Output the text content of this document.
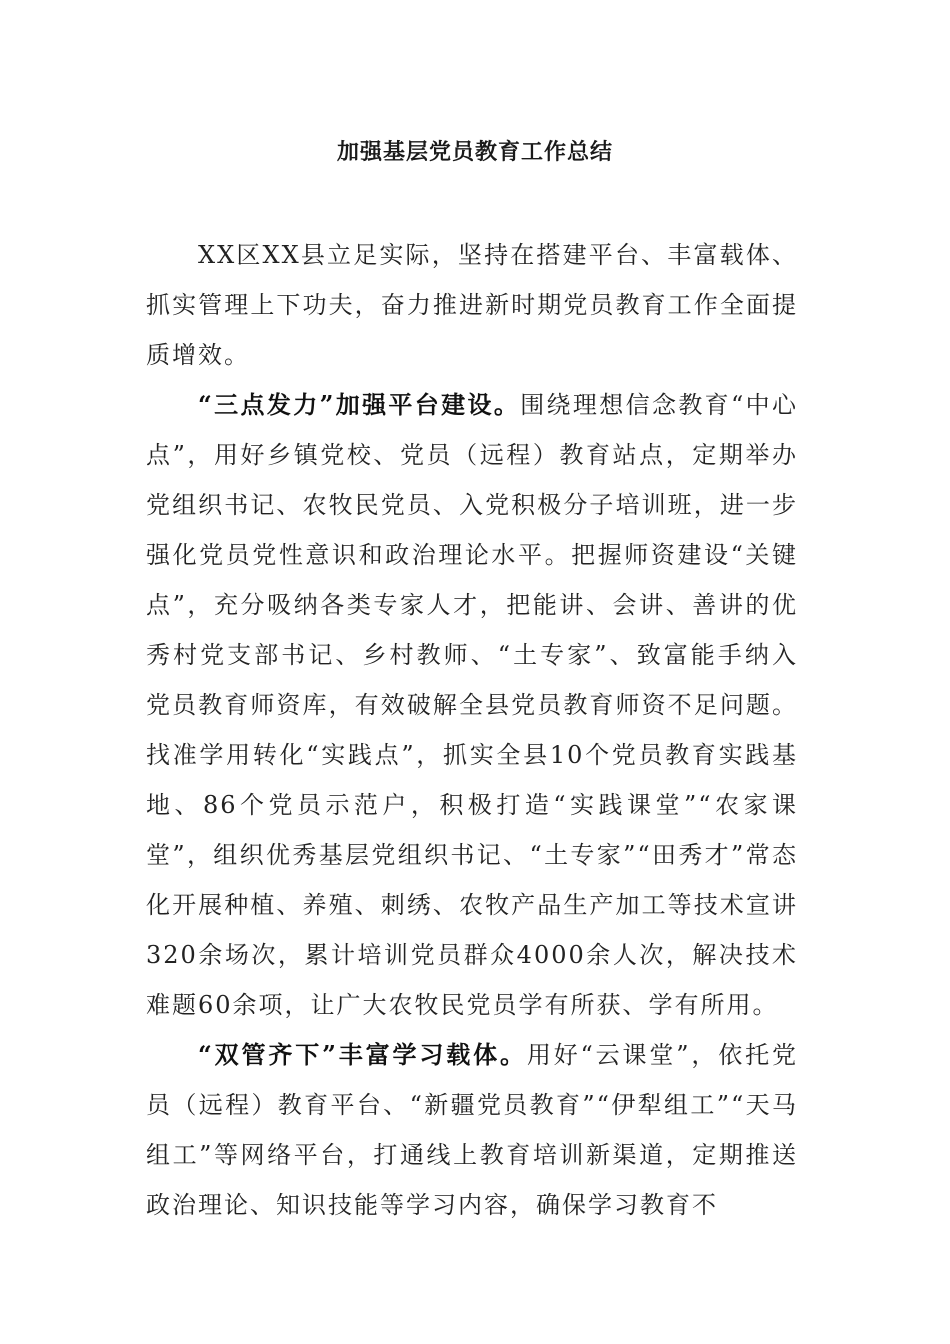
加强基层党员教育工作总结

XX区XX县立足实际，坚持在搭建平台、丰富载体、抓实管理上下功夫，奋力推进新时期党员教育工作全面提质增效。

“三点发力”加强平台建设。围绕理想信念教育“中心点”，用好乡镇党校、党员（远程）教育站点，定期举办党组织书记、农牧民党员、入党积极分子培训班，进一步强化党员党性意识和政治理论水平。把握师资建设“关键点”，充分吸纳各类专家人才，把能讲、会讲、善讲的优秀村党支部书记、乡村教师、“土专家”、致富能手纳入党员教育师资库，有效破解全县党员教育师资不足问题。找准学用转化“实践点”，抓实全县10个党员教育实践基地、86个党员示范户，积极打造“实践课堂”“农家课堂”，组织优秀基层党组织书记、“土专家”“田秀才”常态化开展种植、养殖、刺绣、农牧产品生产加工等技术宣讲320余场次，累计培训党员群众4000余人次，解决技术难题60余项，让广大农牧民党员学有所获、学有所用。

“双管齐下”丰富学习载体。用好“云课堂”，依托党员（远程）教育平台、“新疆党员教育”“伊犁组工”“天马组工”等网络平台，打通线上教育培训新渠道，定期推送政治理论、知识技能等学习内容，确保学习教育不
